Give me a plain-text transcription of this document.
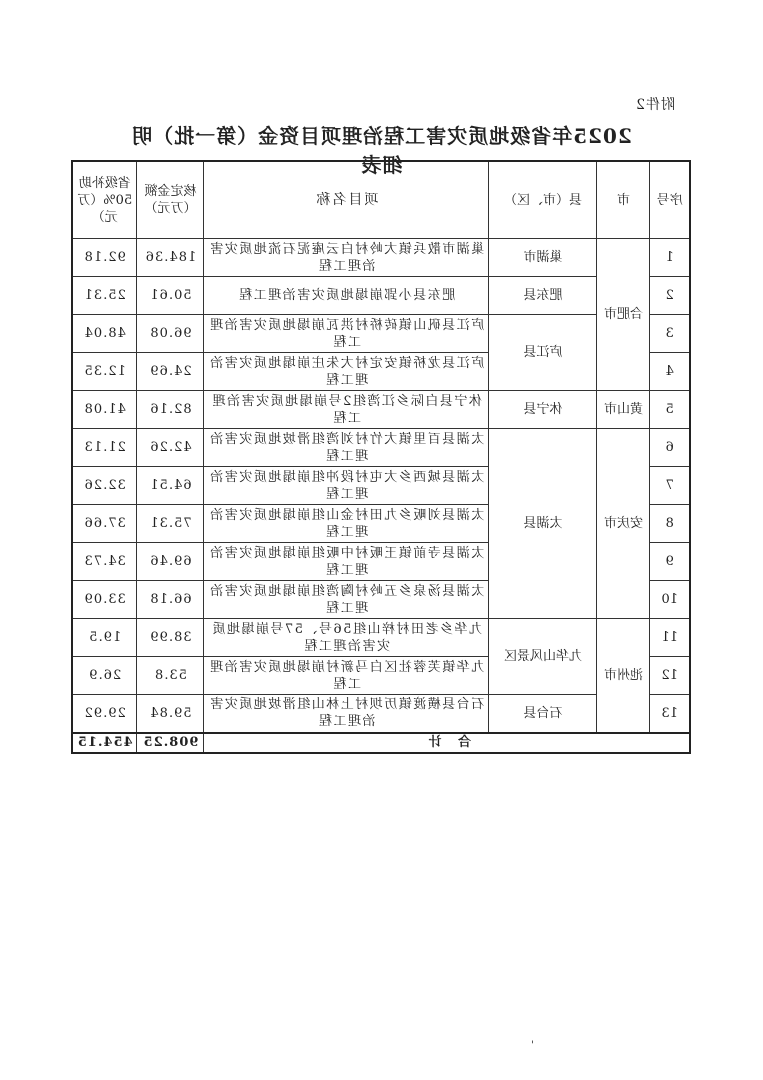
附件2
2025年省级地质灾害工程治理项目资金（第一批）明细表
序号	市	县（市、区）	项目名称	核定金额（万元）	省级补助50%（万元）
1	合肥市	巢湖市	巢湖市散兵镇大岭村白云庵泥石流地质灾害治理工程	184.36	92.18
2		肥东县	肥东县小郢崩塌地质灾害治理工程	50.61	25.31
3		庐江县	庐江县矾山镇砖桥村洪瓦崩塌地质灾害治理工程	96.08	48.04
4			庐江县龙桥镇安定村大朱庄崩塌地质灾害治理工程	24.69	12.35
5	黄山市	休宁县	休宁县白际乡江湾组2号崩塌地质灾害治理工程	82.16	41.08
6	安庆市	太湖县	太湖县百里镇大竹村刘湾组滑坡地质灾害治理工程	42.26	21.13
7			太湖县城西乡大屯村段冲组崩塌地质灾害治理工程	64.51	32.26
8			太湖县刘畈乡九田村金山组崩塌地质灾害治理工程	75.31	37.66
9			太湖县寺前镇王畈村中畈组崩塌地质灾害治理工程	69.46	34.73
10			太湖县汤泉乡五岭村陶湾组崩塌地质灾害治理工程	66.18	33.09
11	池州市	九华山风景区	九华乡老田村梓山组56号、57号崩塌地质灾害治理工程	38.99	19.5
12			九华镇芙蓉社区白马新村崩塌地质灾害治理工程	53.8	26.9
13		石台县	石台县横渡镇历坝村上林山组滑坡地质灾害治理工程	59.84	29.92
合 计				908.25	454.15
'
